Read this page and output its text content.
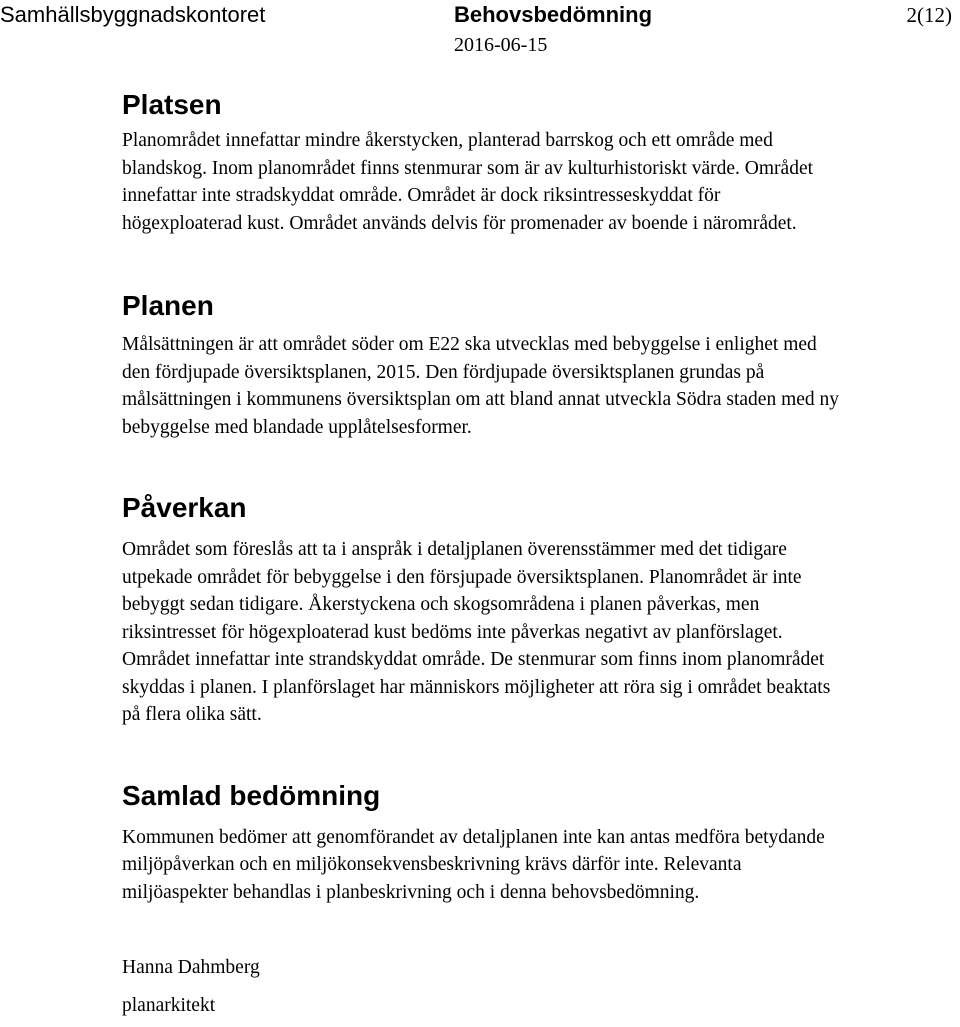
Samhällsbyggnadskontoret	Behovsbedömning
2016-06-15
2(12)
Platsen

Planområdet innefattar mindre åkerstycken, planterad barrskog och ett område med blandskog. Inom planområdet finns stenmurar som är av kulturhistoriskt värde. Området innefattar inte stradskyddat område. Området är dock riksintresseskyddat för högexploaterad kust. Området används delvis för promenader av boende i närområdet.

Planen

Målsättningen är att området söder om E22 ska utvecklas med bebyggelse i enlighet med den fördjupade översiktsplanen, 2015. Den fördjupade översiktsplanen grundas på målsättningen i kommunens översiktsplan om att bland annat utveckla Södra staden med ny bebyggelse med blandade upplåtelsesformer.

Påverkan

Området som föreslås att ta i anspråk i detaljplanen överensstämmer med det tidigare utpekade området för bebyggelse i den försjupade översiktsplanen. Planområdet är inte bebyggt sedan tidigare. Åkerstyckena och skogsområdena i planen påverkas, men riksintresset för högexploaterad kust bedöms inte påverkas negativt av planförslaget. Området innefattar inte strandskyddat område. De stenmurar som finns inom planområdet skyddas i planen. I planförslaget har människors möjligheter att röra sig i området beaktats på flera olika sätt.

Samlad bedömning

Kommunen bedömer att genomförandet av detaljplanen inte kan antas medföra betydande miljöpåverkan och en miljökonsekvensbeskrivning krävs därför inte. Relevanta miljöaspekter behandlas i planbeskrivning och i denna behovsbedömning.

Hanna Dahmberg
planarkitekt
